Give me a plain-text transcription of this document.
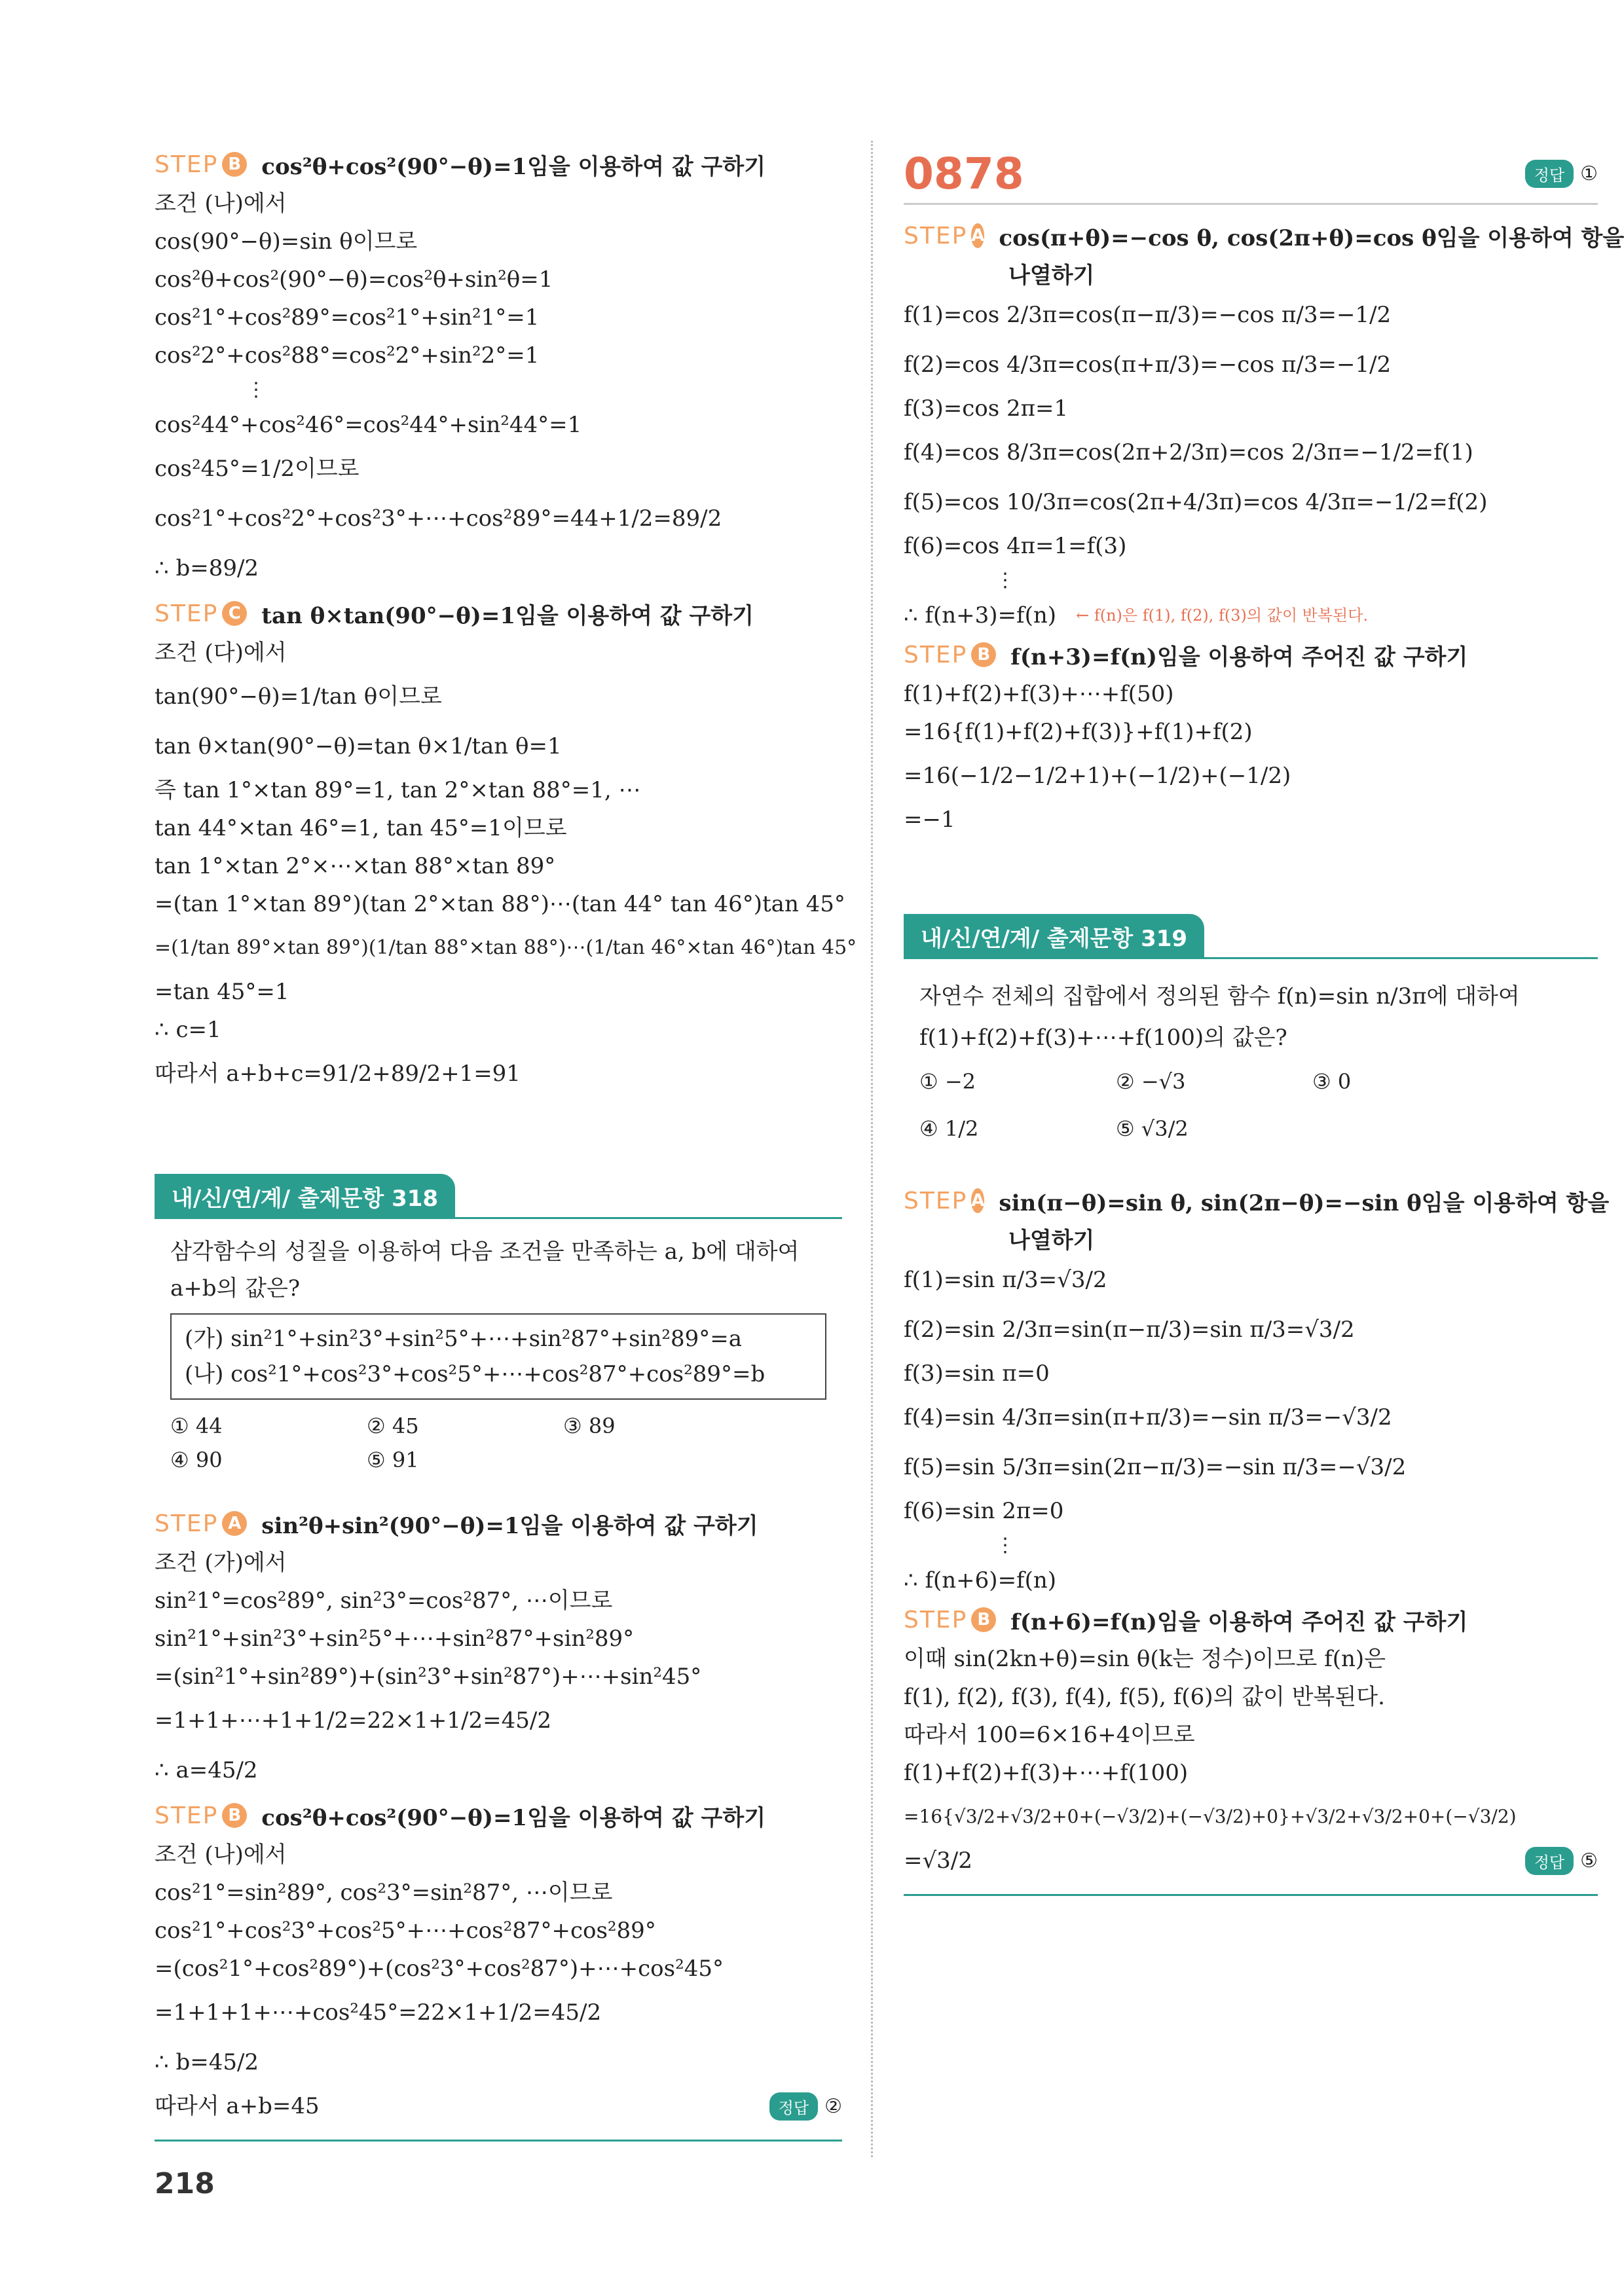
STEP B cos²θ+cos²(90°−θ)=1임을 이용하여 값 구하기
조건 (나)에서
cos(90°−θ)=sin θ이므로
cos²θ+cos²(90°−θ)=cos²θ+sin²θ=1
cos²1°+cos²89°=cos²1°+sin²1°=1
cos²2°+cos²88°=cos²2°+sin²2°=1
⋮
cos²44°+cos²46°=cos²44°+sin²44°=1
cos²45°=1/2이므로
cos²1°+cos²2°+cos²3°+⋯+cos²89°=44+1/2=89/2
∴ b=89/2
STEP C tan θ×tan(90°−θ)=1임을 이용하여 값 구하기
조건 (다)에서
tan(90°−θ)=1/tan θ이므로
tan θ×tan(90°−θ)=tan θ×1/tan θ=1
즉 tan 1°×tan 89°=1, tan 2°×tan 88°=1, ⋯
tan 44°×tan 46°=1, tan 45°=1이므로
tan 1°×tan 2°×⋯×tan 88°×tan 89°
=(tan 1°×tan 89°)(tan 2°×tan 88°)⋯(tan 44° tan 46°)tan 45°
=(1/tan 89°×tan 89°)(1/tan 88°×tan 88°)⋯(1/tan 46°×tan 46°)tan 45°
=tan 45°=1
∴ c=1
따라서 a+b+c=91/2+89/2+1=91
내/신/연/계/ 출제문항 318
삼각함수의 성질을 이용하여 다음 조건을 만족하는 a, b에 대하여
a+b의 값은?
(가) sin²1°+sin²3°+sin²5°+⋯+sin²87°+sin²89°=a
(나) cos²1°+cos²3°+cos²5°+⋯+cos²87°+cos²89°=b
① 44	② 45	③ 89
④ 90	⑤ 91
STEP A sin²θ+sin²(90°−θ)=1임을 이용하여 값 구하기
조건 (가)에서
sin²1°=cos²89°, sin²3°=cos²87°, ⋯이므로
sin²1°+sin²3°+sin²5°+⋯+sin²87°+sin²89°
=(sin²1°+sin²89°)+(sin²3°+sin²87°)+⋯+sin²45°
=1+1+⋯+1+1/2=22×1+1/2=45/2
∴ a=45/2
STEP B cos²θ+cos²(90°−θ)=1임을 이용하여 값 구하기
조건 (나)에서
cos²1°=sin²89°, cos²3°=sin²87°, ⋯이므로
cos²1°+cos²3°+cos²5°+⋯+cos²87°+cos²89°
=(cos²1°+cos²89°)+(cos²3°+cos²87°)+⋯+cos²45°
=1+1+1+⋯+cos²45°=22×1+1/2=45/2
∴ b=45/2
따라서 a+b=45	정답 ②
0878	정답 ①
STEP A cos(π+θ)=−cos θ, cos(2π+θ)=cos θ임을 이용하여 항을
나열하기
f(1)=cos 2/3π=cos(π−π/3)=−cos π/3=−1/2
f(2)=cos 4/3π=cos(π+π/3)=−cos π/3=−1/2
f(3)=cos 2π=1
f(4)=cos 8/3π=cos(2π+2/3π)=cos 2/3π=−1/2=f(1)
f(5)=cos 10/3π=cos(2π+4/3π)=cos 4/3π=−1/2=f(2)
f(6)=cos 4π=1=f(3)
⋮
∴ f(n+3)=f(n) ← f(n)은 f(1), f(2), f(3)의 값이 반복된다.
STEP B f(n+3)=f(n)임을 이용하여 주어진 값 구하기
f(1)+f(2)+f(3)+⋯+f(50)
=16{f(1)+f(2)+f(3)}+f(1)+f(2)
=16(−1/2−1/2+1)+(−1/2)+(−1/2)
=−1
내/신/연/계/ 출제문항 319
자연수 전체의 집합에서 정의된 함수 f(n)=sin n/3π에 대하여
f(1)+f(2)+f(3)+⋯+f(100)의 값은?
① −2	② −√3	③ 0
④ 1/2	⑤ √3/2
STEP A sin(π−θ)=sin θ, sin(2π−θ)=−sin θ임을 이용하여 항을
나열하기
f(1)=sin π/3=√3/2
f(2)=sin 2/3π=sin(π−π/3)=sin π/3=√3/2
f(3)=sin π=0
f(4)=sin 4/3π=sin(π+π/3)=−sin π/3=−√3/2
f(5)=sin 5/3π=sin(2π−π/3)=−sin π/3=−√3/2
f(6)=sin 2π=0
⋮
∴ f(n+6)=f(n)
STEP B f(n+6)=f(n)임을 이용하여 주어진 값 구하기
이때 sin(2kn+θ)=sin θ(k는 정수)이므로 f(n)은
f(1), f(2), f(3), f(4), f(5), f(6)의 값이 반복된다.
따라서 100=6×16+4이므로
f(1)+f(2)+f(3)+⋯+f(100)
=16{√3/2+√3/2+0+(−√3/2)+(−√3/2)+0}+√3/2+√3/2+0+(−√3/2)
=√3/2	정답 ⑤
218
